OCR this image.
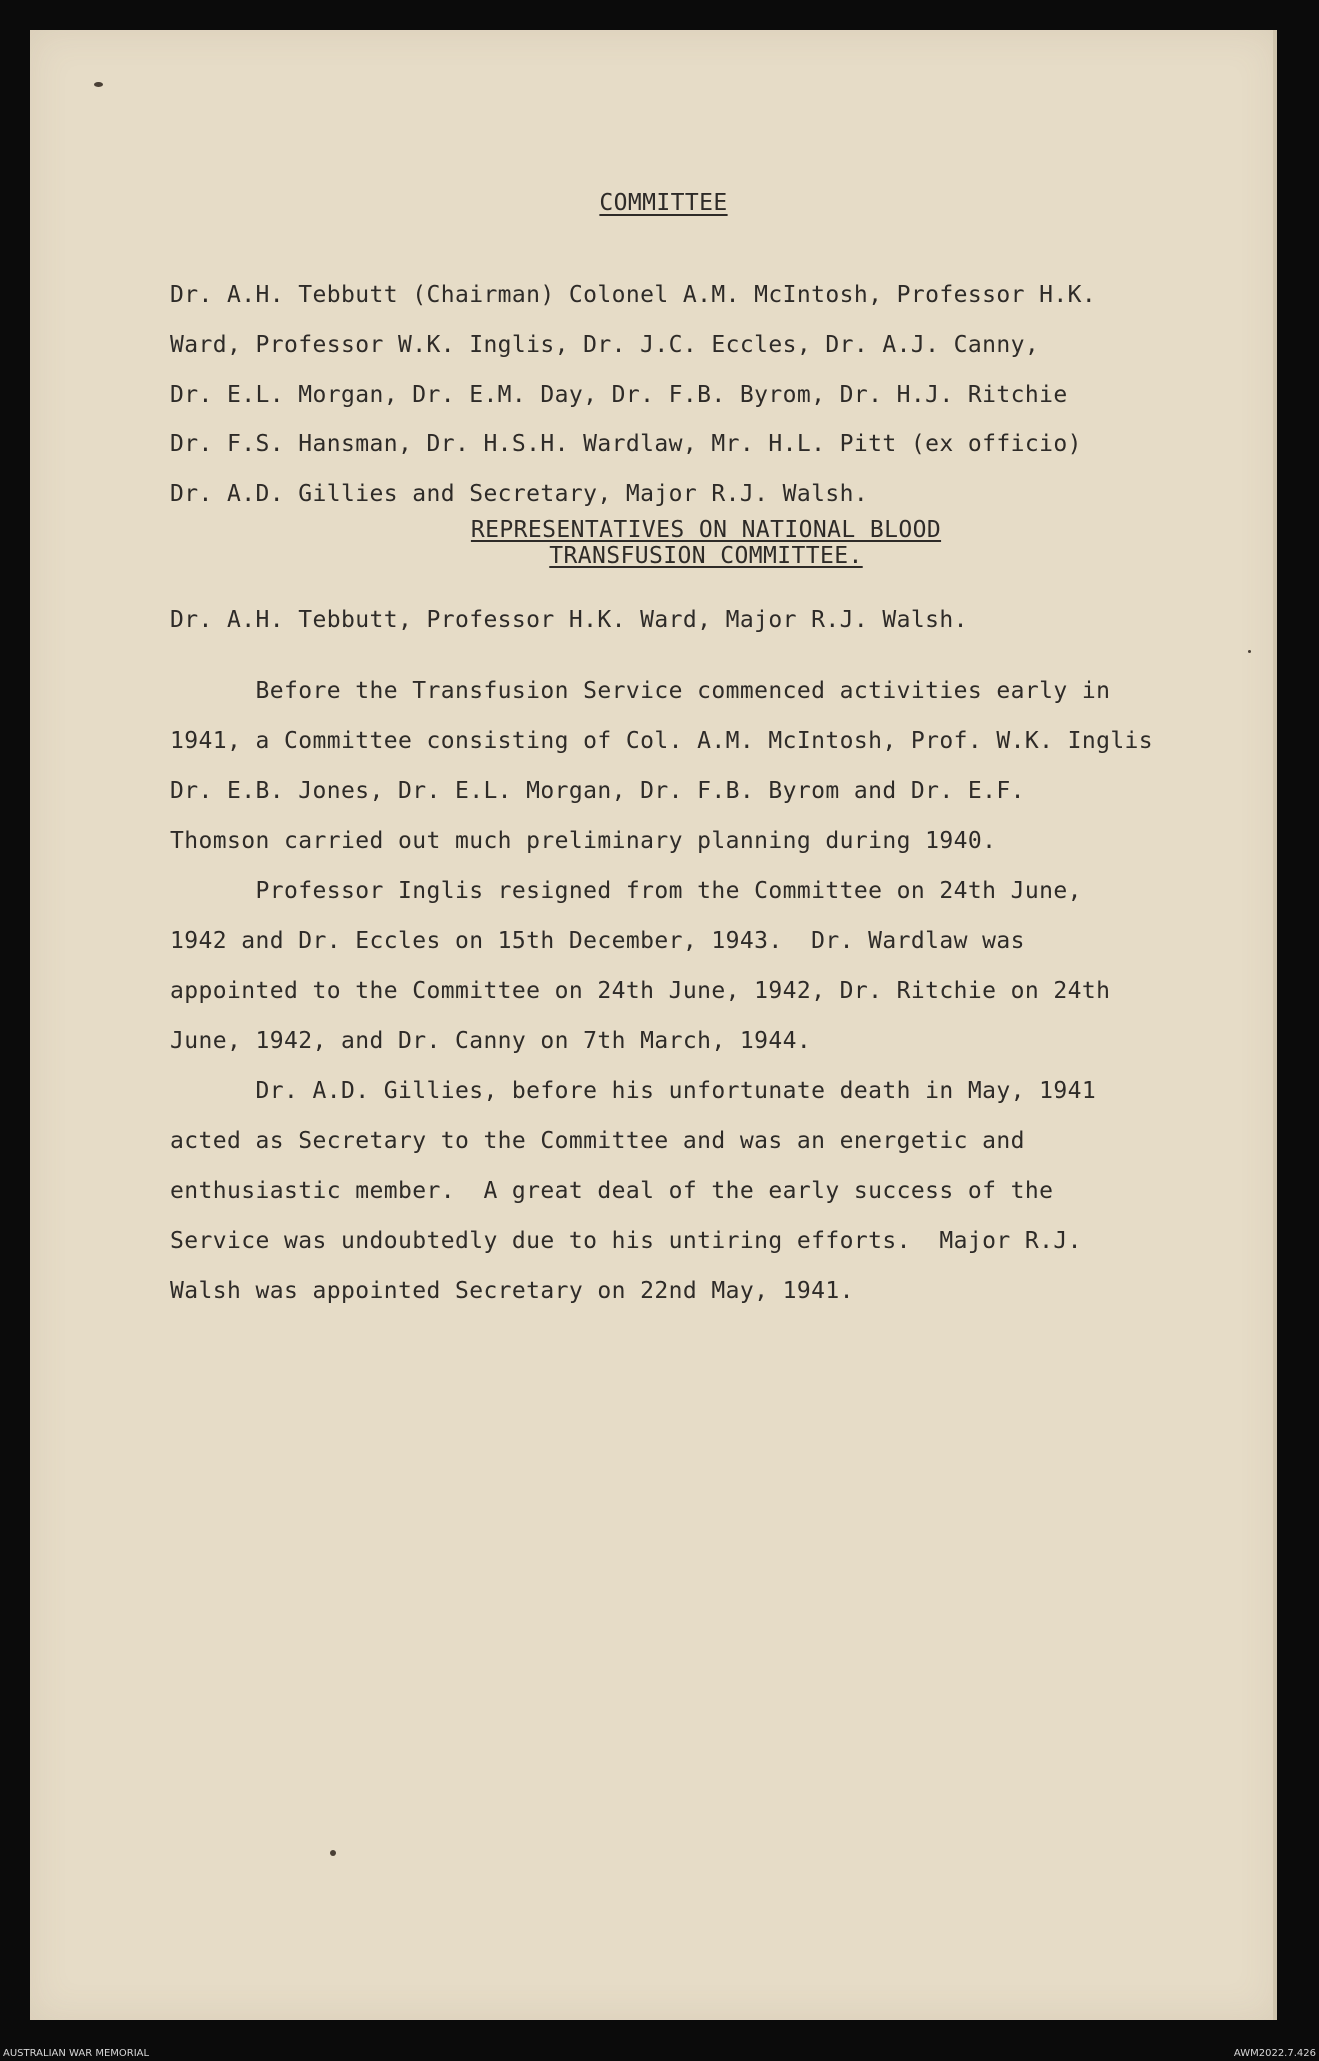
COMMITTEE
Dr. A.H. Tebbutt (Chairman) Colonel A.M. McIntosh, Professor H.K.
Ward, Professor W.K. Inglis, Dr. J.C. Eccles, Dr. A.J. Canny,
Dr. E.L. Morgan, Dr. E.M. Day, Dr. F.B. Byrom, Dr. H.J. Ritchie
Dr. F.S. Hansman, Dr. H.S.H. Wardlaw, Mr. H.L. Pitt (ex officio)
Dr. A.D. Gillies and Secretary, Major R.J. Walsh.
REPRESENTATIVES ON NATIONAL BLOOD
TRANSFUSION COMMITTEE.
Dr. A.H. Tebbutt, Professor H.K. Ward, Major R.J. Walsh.
Before the Transfusion Service commenced activities early in
1941, a Committee consisting of Col. A.M. McIntosh, Prof. W.K. Inglis
Dr. E.B. Jones, Dr. E.L. Morgan, Dr. F.B. Byrom and Dr. E.F.
Thomson carried out much preliminary planning during 1940.
Professor Inglis resigned from the Committee on 24th June,
1942 and Dr. Eccles on 15th December, 1943.  Dr. Wardlaw was
appointed to the Committee on 24th June, 1942, Dr. Ritchie on 24th
June, 1942, and Dr. Canny on 7th March, 1944.
Dr. A.D. Gillies, before his unfortunate death in May, 1941
acted as Secretary to the Committee and was an energetic and
enthusiastic member.  A great deal of the early success of the
Service was undoubtedly due to his untiring efforts.  Major R.J.
Walsh was appointed Secretary on 22nd May, 1941.
AUSTRALIAN WAR MEMORIAL	AWM2022.7.426
